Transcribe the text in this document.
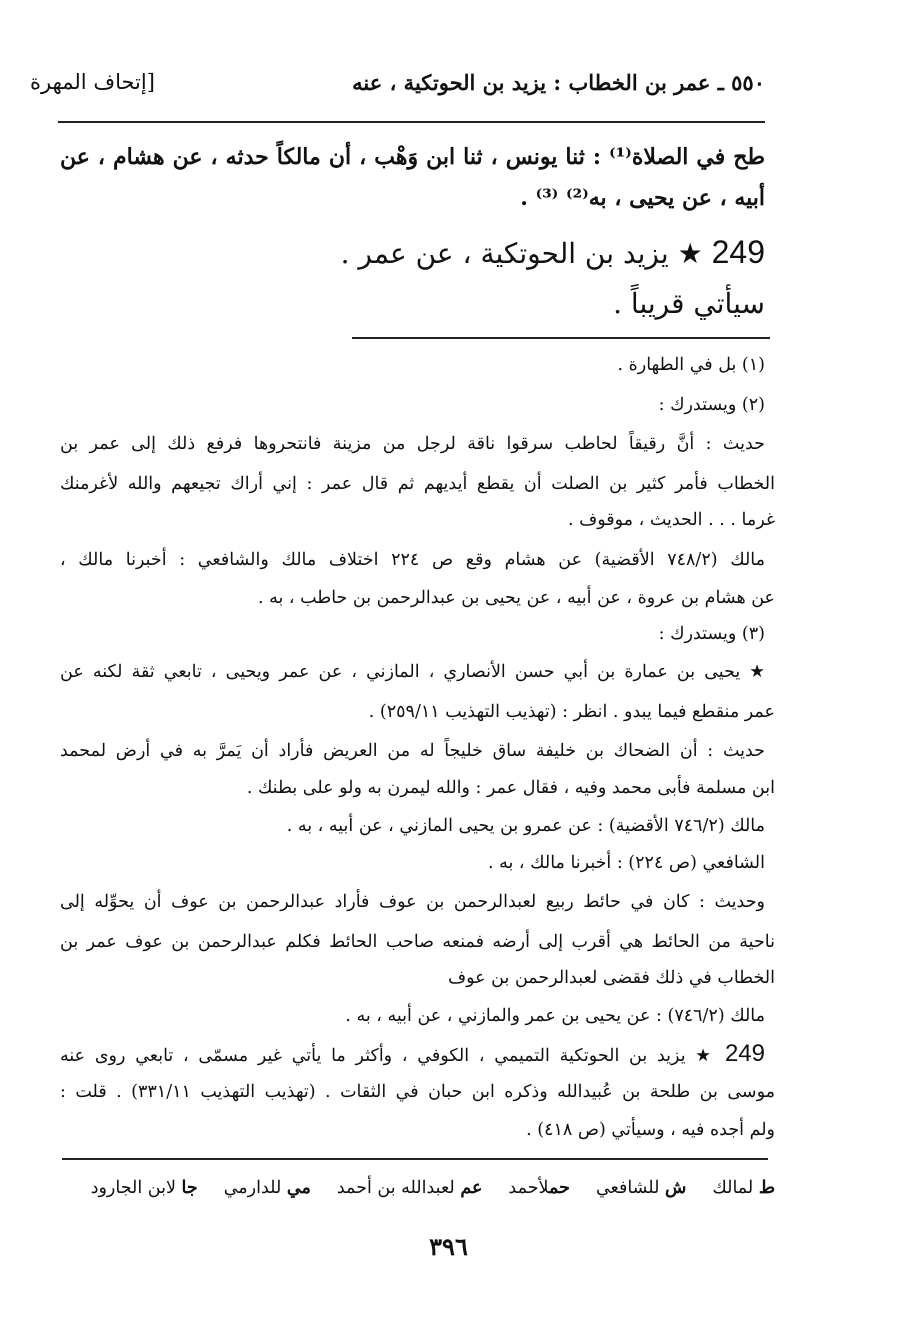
٥٥٠ ـ عمر بن الخطاب : يزيد بن الحوتكية ، عنه
[إتحاف المهرة
طح في الصلاة⁽¹⁾ : ثنا يونس ، ثنا ابن وَهْب ، أن مالكاً حدثه ، عن هشام ، عن
أبيه ، عن يحيى ، به⁽²⁾ ⁽³⁾ .
249 ★ يزيد بن الحوتكية ، عن عمر .
سيأتي قريباً .
(١) بل في الطهارة .
(٢) ويستدرك :
حديث : أنَّ رقيقاً لحاطب سرقوا ناقة لرجل من مزينة فانتحروها فرفع ذلك إلى عمر بن
الخطاب فأمر كثير بن الصلت أن يقطع أيديهم ثم قال عمر : إني أراك تجيعهم والله لأغرمنك
غرما . . . الحديث ، موقوف .
مالك (٧٤٨/٢ الأقضية) عن هشام وقع ص ٢٢٤ اختلاف مالك والشافعي : أخبرنا مالك ،
عن هشام بن عروة ، عن أبيه ، عن يحيى بن عبدالرحمن بن حاطب ، به .
(٣) ويستدرك :
★ يحيى بن عمارة بن أبي حسن الأنصاري ، المازني ، عن عمر ويحيى ، تابعي ثقة لكنه عن
عمر منقطع فيما يبدو . انظر : (تهذيب التهذيب ٢٥٩/١١) .
حديث : أن الضحاك بن خليفة ساق خليجاً له من العريض فأراد أن يَمرَّ به في أرض لمحمد
ابن مسلمة فأبى محمد وفيه ، فقال عمر : والله ليمرن به ولو على بطنك .
مالك (٧٤٦/٢ الأقضية) : عن عمرو بن يحيى المازني ، عن أبيه ، به .
الشافعي (ص ٢٢٤) : أخبرنا مالك ، به .
وحديث : كان في حائط ربيع لعبدالرحمن بن عوف فأراد عبدالرحمن بن عوف أن يحوِّله إلى
ناحية من الحائط هي أقرب إلى أرضه فمنعه صاحب الحائط فكلم عبدالرحمن بن عوف عمر بن
الخطاب في ذلك فقضى لعبدالرحمن بن عوف
مالك (٧٤٦/٢) : عن يحيى بن عمر والمازني ، عن أبيه ، به .
249 ★ يزيد بن الحوتكية التميمي ، الكوفي ، وأكثر ما يأتي غير مسمّى ، تابعي روى عنه
موسى بن طلحة بن عُبيدالله وذكره ابن حبان في الثقات . (تهذيب التهذيب ٣٣١/١١) . قلت :
ولم أجده فيه ، وسيأتي (ص ٤١٨) .
ط لمالك
ش للشافعي
حملأحمد
عم لعبدالله بن أحمد
مي للدارمي
جا لابن الجارود
٣٩٦
